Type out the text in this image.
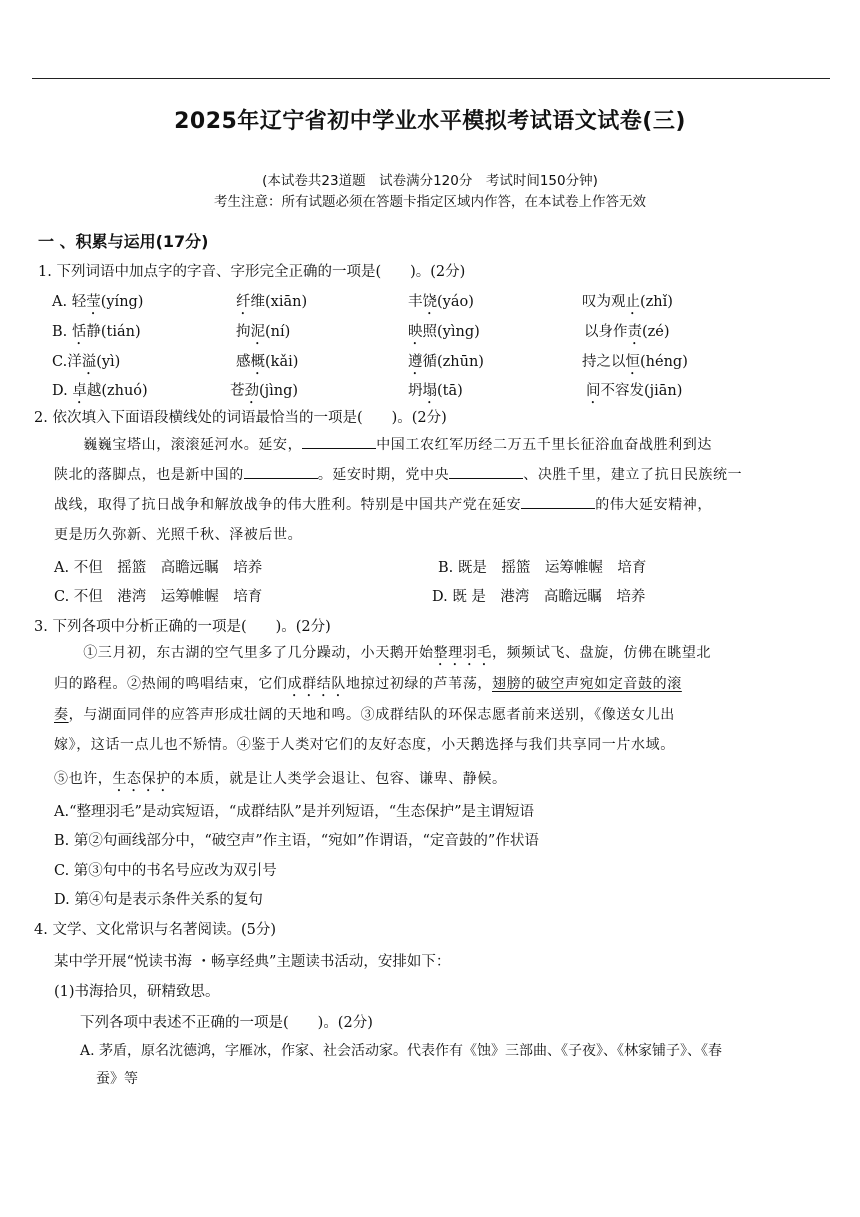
2025年辽宁省初中学业水平模拟考试语文试卷(三)
(本试卷共23道题　试卷满分120分　考试时间150分钟)
考生注意：所有试题必须在答题卡指定区域内作答，在本试卷上作答无效
一 、积累与运用(17分)
1. 下列词语中加点字的字音、字形完全正确的一项是(　　)。(2分)
A. 轻莹(yíng)	纤维(xiān)	丰饶(yáo)	叹为观止(zhǐ)
B. 恬静(tián)	拘泥(ní)	映照(yìng)	以身作责(zé)
C.洋溢(yì)	感概(kǎi)	遵循(zhūn)	持之以恒(héng)
D. 卓越(zhuó)	苍劲(jìng)	坍塌(tā)	间不容发(jiān)
2. 依次填入下面语段横线处的词语最恰当的一项是(　　)。(2分)
　　巍巍宝塔山，滚滚延河水。延安，	中国工农红军历经二万五千里长征浴血奋战胜利到达
陕北的落脚点，也是新中国的	。延安时期，党中央	、决胜千里，建立了抗日民族统一
战线，取得了抗日战争和解放战争的伟大胜利。特别是中国共产党在延安	的伟大延安精神，
更是历久弥新、光照千秋、泽被后世。
A. 不但　摇篮　高瞻远瞩　培养	B. 既是　摇篮　运筹帷幄　培育
C. 不但　港湾　运筹帷幄　培育	D. 既 是　港湾　高瞻远瞩　培养
3. 下列各项中分析正确的一项是(　　)。(2分)
　　①三月初，东古湖的空气里多了几分躁动，小天鹅开始整理羽毛，频频试飞、盘旋，仿佛在眺望北
归的路程。②热闹的鸣唱结束，它们成群结队地掠过初绿的芦苇荡，翅膀的破空声宛如定音鼓的滚
奏，与湖面同伴的应答声形成壮阔的天地和鸣。③成群结队的环保志愿者前来送别，《像送女儿出
嫁》，这话一点儿也不矫情。④鉴于人类对它们的友好态度，小天鹅选择与我们共享同一片水域。
⑤也许，生态保护的本质，就是让人类学会退让、包容、谦卑、静候。
A.“整理羽毛”是动宾短语，“成群结队”是并列短语，“生态保护”是主谓短语
B. 第②句画线部分中，“破空声”作主语，“宛如”作谓语，“定音鼓的”作状语
C. 第③句中的书名号应改为双引号
D. 第④句是表示条件关系的复句
4. 文学、文化常识与名著阅读。(5分)
某中学开展“悦读书海 ・畅享经典”主题读书活动，安排如下：
(1)书海拾贝，研精致思。
下列各项中表述不正确的一项是(　　)。(2分)
A. 茅盾，原名沈德鸿，字雁冰，作家、社会活动家。代表作有《蚀》三部曲、《子夜》、《林家铺子》、《春
蚕》等
